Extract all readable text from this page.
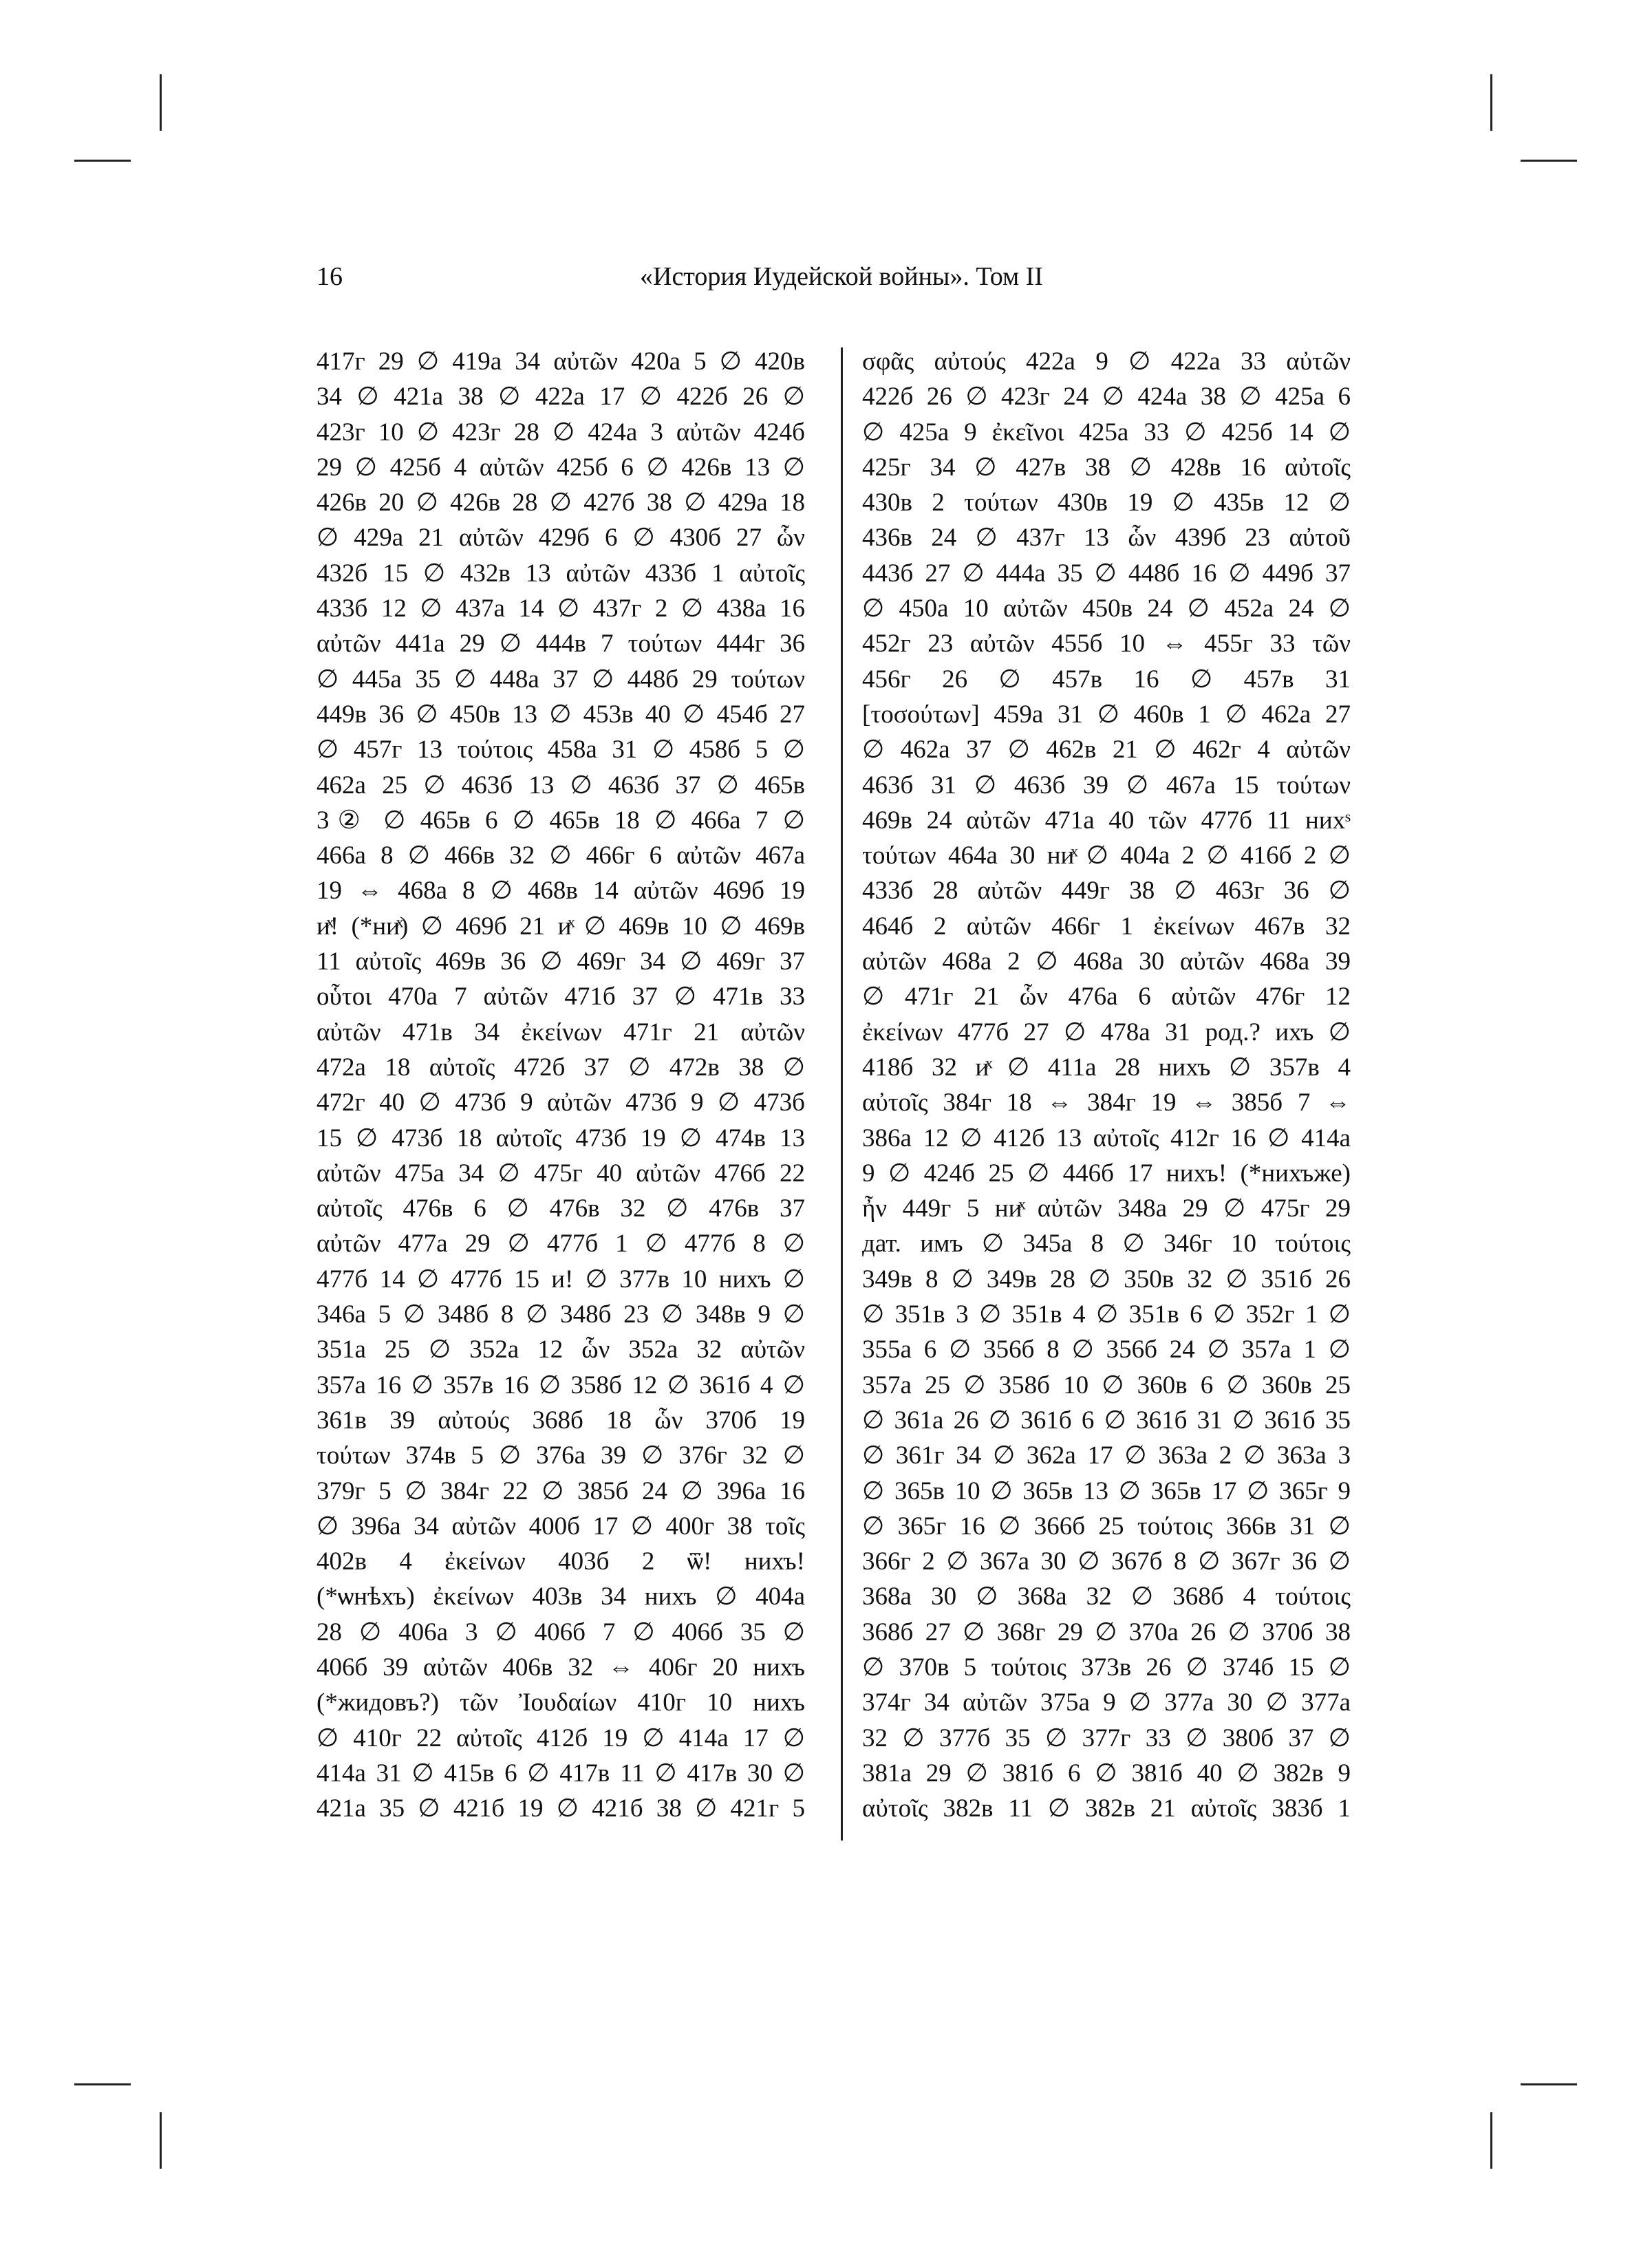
16	«История Иудейской войны». Том II
417г 29 ∅ 419а 34 αὐτῶν 420а 5 ∅ 420в
34 ∅ 421а 38 ∅ 422а 17 ∅ 422б 26 ∅
423г 10 ∅ 423г 28 ∅ 424а 3 αὐτῶν 424б
29 ∅ 425б 4 αὐτῶν 425б 6 ∅ 426в 13 ∅
426в 20 ∅ 426в 28 ∅ 427б 38 ∅ 429а 18
∅ 429а 21 αὐτῶν 429б 6 ∅ 430б 27 ὧν
432б 15 ∅ 432в 13 αὐτῶν 433б 1 αὐτοῖς
433б 12 ∅ 437а 14 ∅ 437г 2 ∅ 438а 16
αὐτῶν 441а 29 ∅ 444в 7 τούτων 444г 36
∅ 445а 35 ∅ 448а 37 ∅ 448б 29 τούτων
449в 36 ∅ 450в 13 ∅ 453в 40 ∅ 454б 27
∅ 457г 13 τούτοις 458а 31 ∅ 458б 5 ∅
462а 25 ∅ 463б 13 ∅ 463б 37 ∅ 465в
3② ∅ 465в 6 ∅ 465в 18 ∅ 466а 7 ∅
466а 8 ∅ 466в 32 ∅ 466г 6 αὐτῶν 467а
19 ⇔ 468а 8 ∅ 468в 14 αὐτῶν 469б 19
иͯ! (*ниͯ) ∅ 469б 21 иͯ ∅ 469в 10 ∅ 469в
11 αὐτοῖς 469в 36 ∅ 469г 34 ∅ 469г 37
οὗτοι 470а 7 αὐτῶν 471б 37 ∅ 471в 33
αὐτῶν 471в 34 ἐκείνων 471г 21 αὐτῶν
472а 18 αὐτοῖς 472б 37 ∅ 472в 38 ∅
472г 40 ∅ 473б 9 αὐτῶν 473б 9 ∅ 473б
15 ∅ 473б 18 αὐτοῖς 473б 19 ∅ 474в 13
αὐτῶν 475а 34 ∅ 475г 40 αὐτῶν 476б 22
αὐτοῖς 476в 6 ∅ 476в 32 ∅ 476в 37
αὐτῶν 477а 29 ∅ 477б 1 ∅ 477б 8 ∅
477б 14 ∅ 477б 15 и! ∅ 377в 10 нихъ ∅
346а 5 ∅ 348б 8 ∅ 348б 23 ∅ 348в 9 ∅
351а 25 ∅ 352а 12 ὧν 352а 32 αὐτῶν
357а 16 ∅ 357в 16 ∅ 358б 12 ∅ 361б 4 ∅
361в 39 αὐτούς 368б 18 ὧν 370б 19
τούτων 374в 5 ∅ 376а 39 ∅ 376г 32 ∅
379г 5 ∅ 384г 22 ∅ 385б 24 ∅ 396а 16
∅ 396а 34 αὐτῶν 400б 17 ∅ 400г 38 τοῖς
402в 4 ἐκείνων 403б 2 ѿ! нихъ!
(*ѡнѣхъ) ἐκείνων 403в 34 нихъ ∅ 404а
28 ∅ 406а 3 ∅ 406б 7 ∅ 406б 35 ∅
406б 39 αὐτῶν 406в 32 ⇔ 406г 20 нихъ
(*жидовъ?) τῶν Ἰουδαίων 410г 10 нихъ
∅ 410г 22 αὐτοῖς 412б 19 ∅ 414а 17 ∅
414а 31 ∅ 415в 6 ∅ 417в 11 ∅ 417в 30 ∅
421а 35 ∅ 421б 19 ∅ 421б 38 ∅ 421г 5
σφᾶς αὐτούς 422а 9 ∅ 422а 33 αὐτῶν
422б 26 ∅ 423г 24 ∅ 424а 38 ∅ 425а 6
∅ 425а 9 ἐκεῖνοι 425а 33 ∅ 425б 14 ∅
425г 34 ∅ 427в 38 ∅ 428в 16 αὐτοῖς
430в 2 τούτων 430в 19 ∅ 435в 12 ∅
436в 24 ∅ 437г 13 ὧν 439б 23 αὐτοῦ
443б 27 ∅ 444а 35 ∅ 448б 16 ∅ 449б 37
∅ 450а 10 αὐτῶν 450в 24 ∅ 452а 24 ∅
452г 23 αὐτῶν 455б 10 ⇔ 455г 33 τῶν
456г 26 ∅ 457в 16 ∅ 457в 31
[τοσούτων] 459а 31 ∅ 460в 1 ∅ 462а 27
∅ 462а 37 ∅ 462в 21 ∅ 462г 4 αὐτῶν
463б 31 ∅ 463б 39 ∅ 467а 15 τούτων
469в 24 αὐτῶν 471а 40 τῶν 477б 11 нихˢ
τούτων 464а 30 ниͯ ∅ 404а 2 ∅ 416б 2 ∅
433б 28 αὐτῶν 449г 38 ∅ 463г 36 ∅
464б 2 αὐτῶν 466г 1 ἐκείνων 467в 32
αὐτῶν 468а 2 ∅ 468а 30 αὐτῶν 468а 39
∅ 471г 21 ὧν 476а 6 αὐτῶν 476г 12
ἐκείνων 477б 27 ∅ 478а 31 род.? ихъ ∅
418б 32 иͯ ∅ 411а 28 нихъ ∅ 357в 4
αὐτοῖς 384г 18 ⇔ 384г 19 ⇔ 385б 7 ⇔
386а 12 ∅ 412б 13 αὐτοῖς 412г 16 ∅ 414а
9 ∅ 424б 25 ∅ 446б 17 нихъ! (*нихъже)
ἦν 449г 5 ниͯ αὐτῶν 348а 29 ∅ 475г 29
дат. имъ ∅ 345а 8 ∅ 346г 10 τούτοις
349в 8 ∅ 349в 28 ∅ 350в 32 ∅ 351б 26
∅ 351в 3 ∅ 351в 4 ∅ 351в 6 ∅ 352г 1 ∅
355а 6 ∅ 356б 8 ∅ 356б 24 ∅ 357а 1 ∅
357а 25 ∅ 358б 10 ∅ 360в 6 ∅ 360в 25
∅ 361а 26 ∅ 361б 6 ∅ 361б 31 ∅ 361б 35
∅ 361г 34 ∅ 362а 17 ∅ 363а 2 ∅ 363а 3
∅ 365в 10 ∅ 365в 13 ∅ 365в 17 ∅ 365г 9
∅ 365г 16 ∅ 366б 25 τούτοις 366в 31 ∅
366г 2 ∅ 367а 30 ∅ 367б 8 ∅ 367г 36 ∅
368а 30 ∅ 368а 32 ∅ 368б 4 τούτοις
368б 27 ∅ 368г 29 ∅ 370а 26 ∅ 370б 38
∅ 370в 5 τούτοις 373в 26 ∅ 374б 15 ∅
374г 34 αὐτῶν 375а 9 ∅ 377а 30 ∅ 377а
32 ∅ 377б 35 ∅ 377г 33 ∅ 380б 37 ∅
381а 29 ∅ 381б 6 ∅ 381б 40 ∅ 382в 9
αὐτοῖς 382в 11 ∅ 382в 21 αὐτοῖς 383б 1
